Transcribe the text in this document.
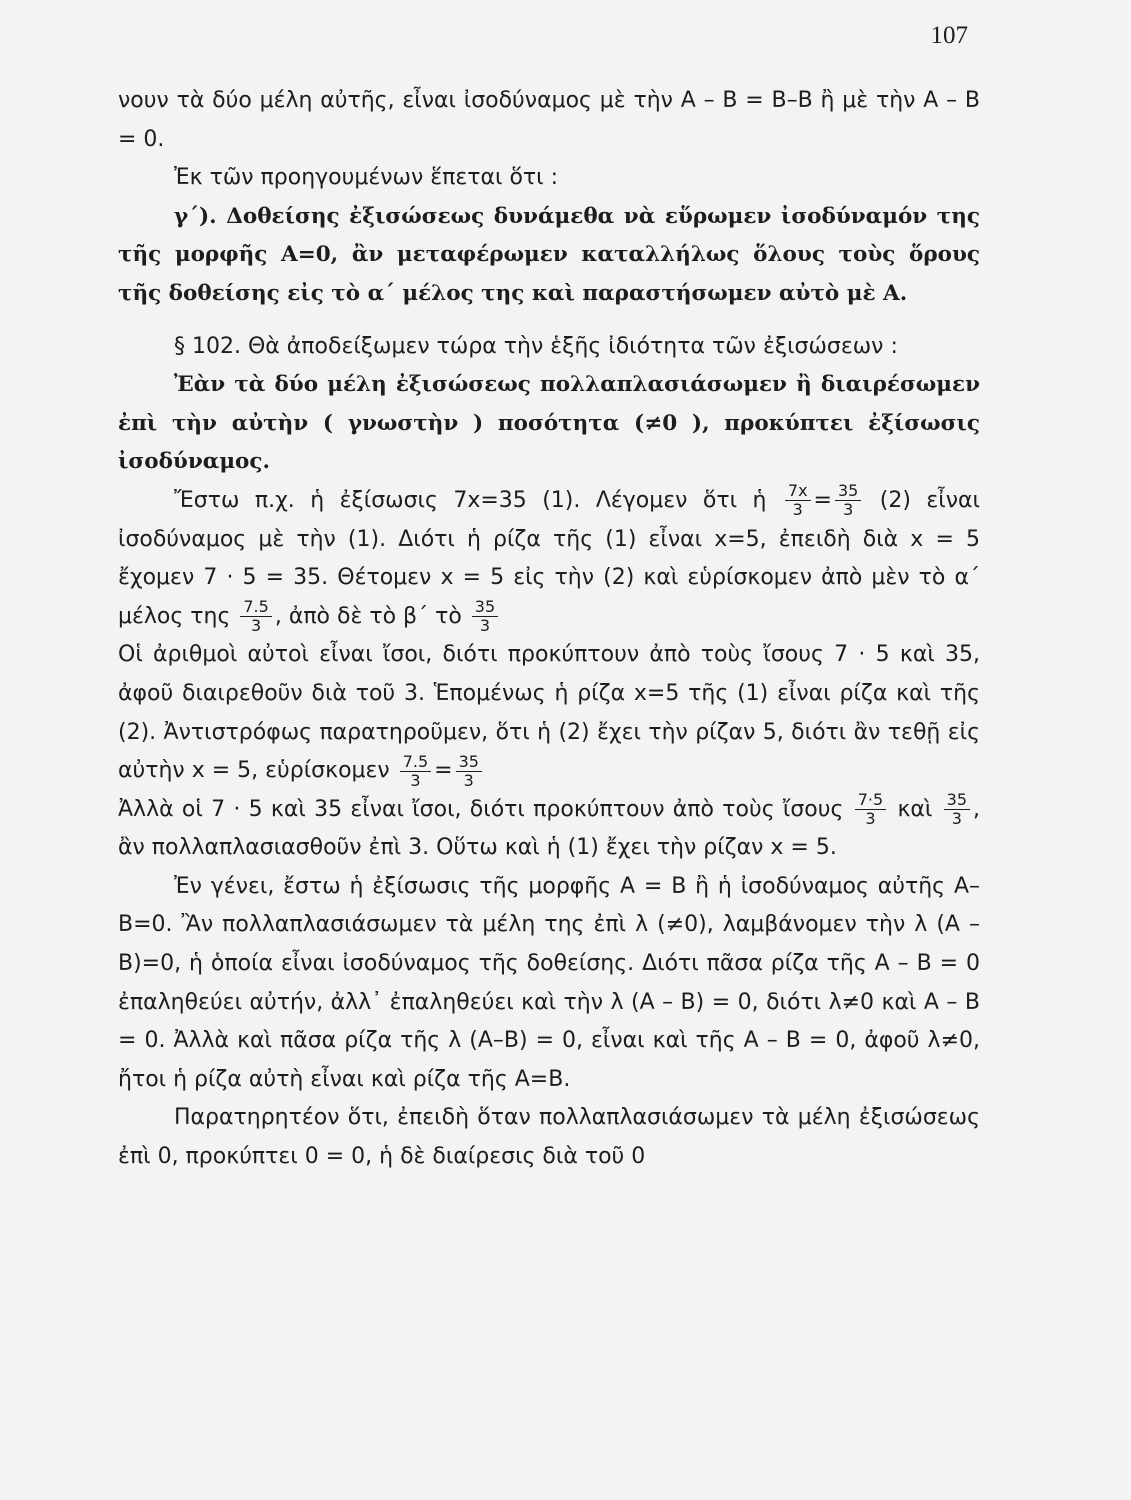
107

νουν τὰ δύο μέλη αὐτῆς, εἶναι ἰσοδύναμος μὲ τὴν Α – Β = Β–Β ἢ μὲ τὴν Α – Β = 0.

Ἐκ τῶν προηγουμένων ἕπεται ὅτι :

γ΄). Δοθείσης ἐξισώσεως δυνάμεθα νὰ εὕρωμεν ἰσοδύναμόν της τῆς μορφῆς Α=0, ἂν μεταφέρωμεν καταλλήλως ὅλους τοὺς ὅρους τῆς δοθείσης εἰς τὸ α΄ μέλος της καὶ παραστήσωμεν αὐτὸ μὲ Α.

§ 102. Θὰ ἀποδείξωμεν τώρα τὴν ἑξῆς ἰδιότητα τῶν ἐξισώσεων :

Ἐὰν τὰ δύο μέλη ἐξισώσεως πολλαπλασιάσωμεν ἢ διαιρέσωμεν ἐπὶ τὴν αὐτὴν ( γνωστὴν ) ποσότητα (≠0 ), προκύπτει ἐξίσωσις ἰσοδύναμος.

Ἔστω π.χ. ἡ ἐξίσωσις 7x=35 (1). Λέγομεν ὅτι ἡ $\frac{7x}{3} = \frac{35}{3} (2)$ εἶναι ἰσοδύναμος μὲ τὴν (1). Διότι ἡ ρίζα τῆς (1) εἶναι x=5, ἐπειδὴ διὰ x = 5 ἔχομεν 7 · 5 = 35. Θέτομεν x = 5 εἰς τὴν (2) καὶ εὑρίσκομεν ἀπὸ μὲν τὸ α΄ μέλος της $\frac{7.5}{3}$ , ἀπὸ δὲ τὸ β΄ τὸ $\frac{35}{3}$

Οἱ ἀριθμοὶ αὐτοὶ εἶναι ἴσοι, διότι προκύπτουν ἀπὸ τοὺς ἴσους 7 · 5 καὶ 35, ἀφοῦ διαιρεθοῦν διὰ τοῦ 3. Ἑπομένως ἡ ρίζα x=5 τῆς (1) εἶναι ρίζα καὶ τῆς (2). Ἀντιστρόφως παρατηροῦμεν, ὅτι ἡ (2) ἔχει τὴν ρίζαν 5, διότι ἂν τεθῇ εἰς αὐτὴν x = 5, εὑρίσκομεν $\frac{7.5}{3} = \frac{35}{3}$

Ἀλλὰ οἱ 7 · 5 καὶ 35 εἶναι ἴσοι, διότι προκύπτουν ἀπὸ τοὺς ἴσους $\frac{7\cdot 5}{3}$ καὶ $\frac{35}{3}$ , ἂν πολλαπλασιασθοῦν ἐπὶ 3. Οὕτω καὶ ἡ (1) ἔχει τὴν ρίζαν x = 5.

Ἐν γένει, ἔστω ἡ ἐξίσωσις τῆς μορφῆς Α = Β ἢ ἡ ἰσοδύναμος αὐτῆς Α–Β=0. Ἂν πολλαπλασιάσωμεν τὰ μέλη της ἐπὶ λ (≠0), λαμβάνομεν τὴν λ (Α – Β)=0, ἡ ὁποία εἶναι ἰσοδύναμος τῆς δοθείσης. Διότι πᾶσα ρίζα τῆς Α – Β = 0 ἐπαληθεύει αὐτήν, ἀλλ᾽ ἐπαληθεύει καὶ τὴν λ (Α – Β) = 0, διότι λ≠0 καὶ Α – Β = 0. Ἀλλὰ καὶ πᾶσα ρίζα τῆς λ (Α–Β) = 0, εἶναι καὶ τῆς Α – Β = 0, ἀφοῦ λ≠0, ἤτοι ἡ ρίζα αὐτὴ εἶναι καὶ ρίζα τῆς Α=Β.

Παρατηρητέον ὅτι, ἐπειδὴ ὅταν πολλαπλασιάσωμεν τὰ μέλη ἐξισώσεως ἐπὶ 0, προκύπτει 0 = 0, ἡ δὲ διαίρεσις διὰ τοῦ 0
